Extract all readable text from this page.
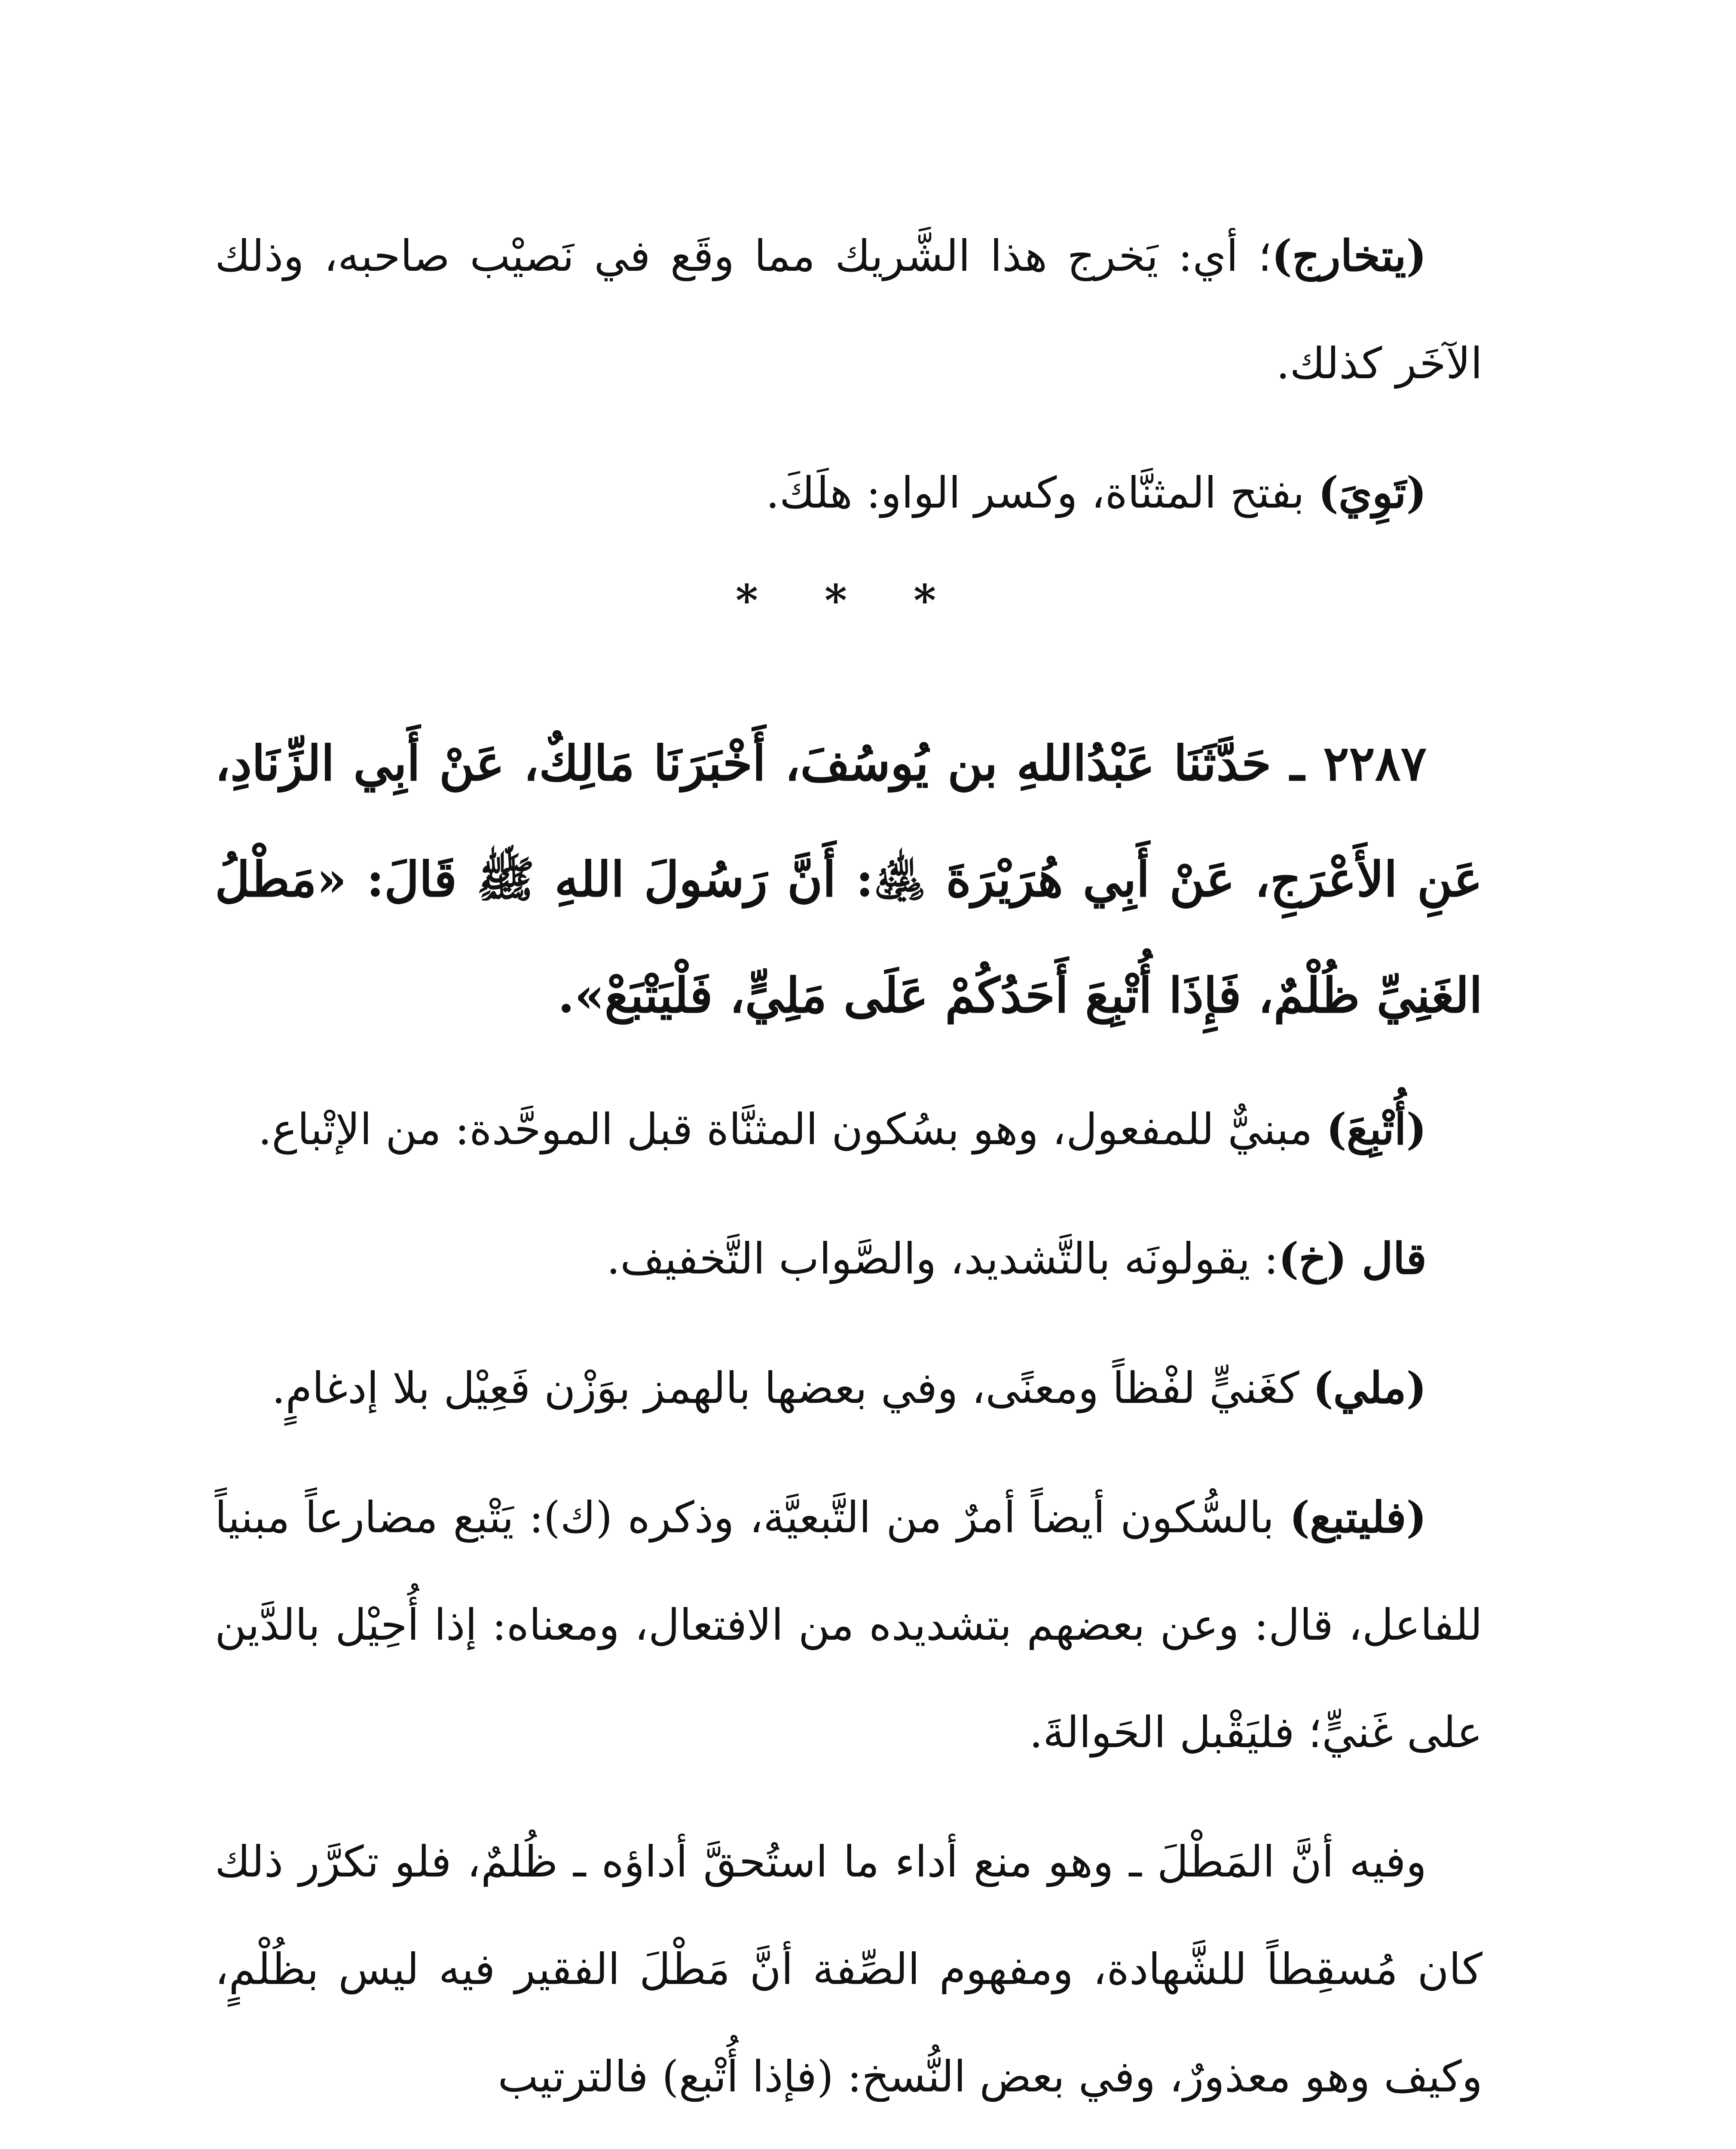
(يتخارج)؛ أي: يَخرج هذا الشَّريك مما وقَع في نَصيْب صاحبه، وذلك الآخَر كذلك.

(تَوِيَ) بفتح المثنَّاة، وكسر الواو: هلَكَ.

* * *

٢٢٨٧ ـ حَدَّثَنَا عَبْدُاللهِ بن يُوسُفَ، أَخْبَرَنَا مَالِكٌ، عَنْ أَبِي الزِّنَادِ، عَنِ الأَعْرَجِ، عَنْ أَبِي هُرَيْرَةَ ﵁: أَنَّ رَسُولَ اللهِ ﷺ قَالَ: «مَطْلُ الغَنِيِّ ظُلْمٌ، فَإِذَا أُتْبِعَ أَحَدُكُمْ عَلَى مَلِيٍّ، فَلْيَتْبَعْ».

(أُتْبِعَ) مبنيٌّ للمفعول، وهو بسُكون المثنَّاة قبل الموحَّدة: من الإتْباع.

قال (خ): يقولونَه بالتَّشديد، والصَّواب التَّخفيف.

(ملي) كغَنيٍّ لفْظاً ومعنًى، وفي بعضها بالهمز بوَزْن فَعِيْل بلا إدغامٍ.

(فليتبع) بالسُّكون أيضاً أمرٌ من التَّبعيَّة، وذكره (ك): يَتْبع مضارعاً مبنياً للفاعل، قال: وعن بعضهم بتشديده من الافتعال، ومعناه: إذا أُحِيْل بالدَّين على غَنيٍّ؛ فليَقْبل الحَوالةَ.

وفيه أنَّ المَطْلَ ـ وهو منع أداء ما استُحقَّ أداؤه ـ ظُلمٌ، فلو تكرَّر ذلك كان مُسقِطاً للشَّهادة، ومفهوم الصِّفة أنَّ مَطْلَ الفقير فيه ليس بظُلْمٍ، وكيف وهو معذورٌ، وفي بعض النُّسخ: (فإذا أُتْبع) فالترتيب
